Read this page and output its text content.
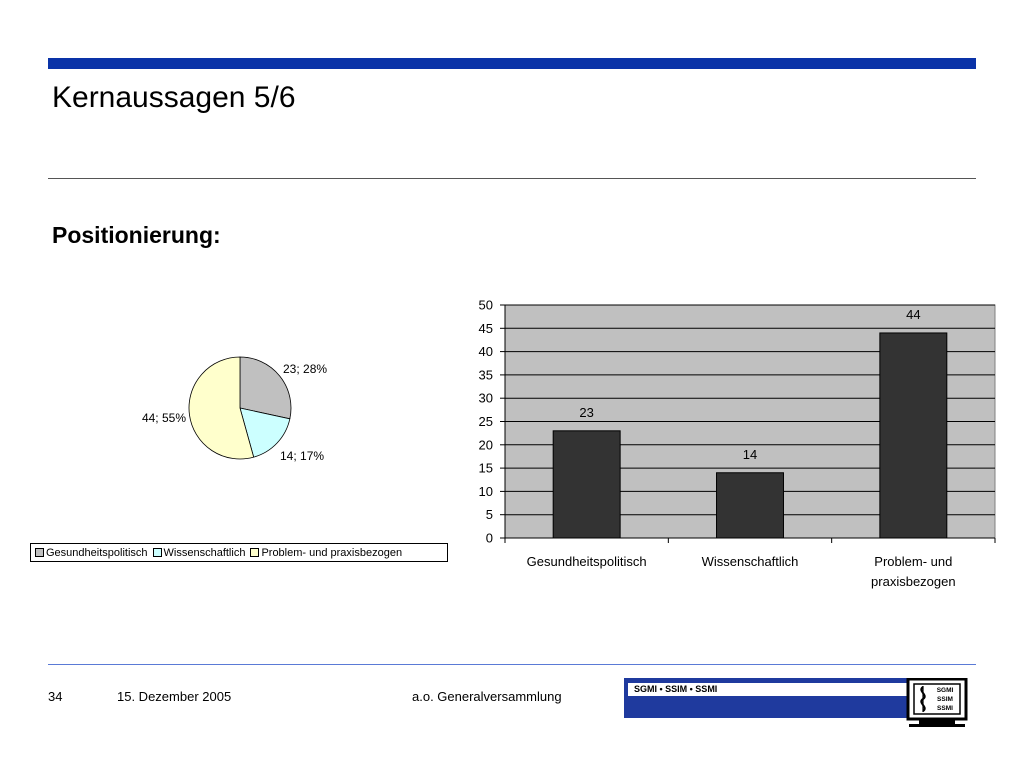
Kernaussagen 5/6
Positionierung:
23; 28%
14; 17%
44; 55%
Gesundheitspolitisch Wissenschaftlich Problem- und praxisbezogen
0
5
10
15
20
25
30
35
40
45
50
23
Gesundheitspolitisch
14
Wissenschaftlich
44
Problem- und
praxisbezogen
34	15. Dezember 2005	a.o. Generalversammlung	SGMI • SSIM • SSMI	SGMI
SSIM
SSMI
